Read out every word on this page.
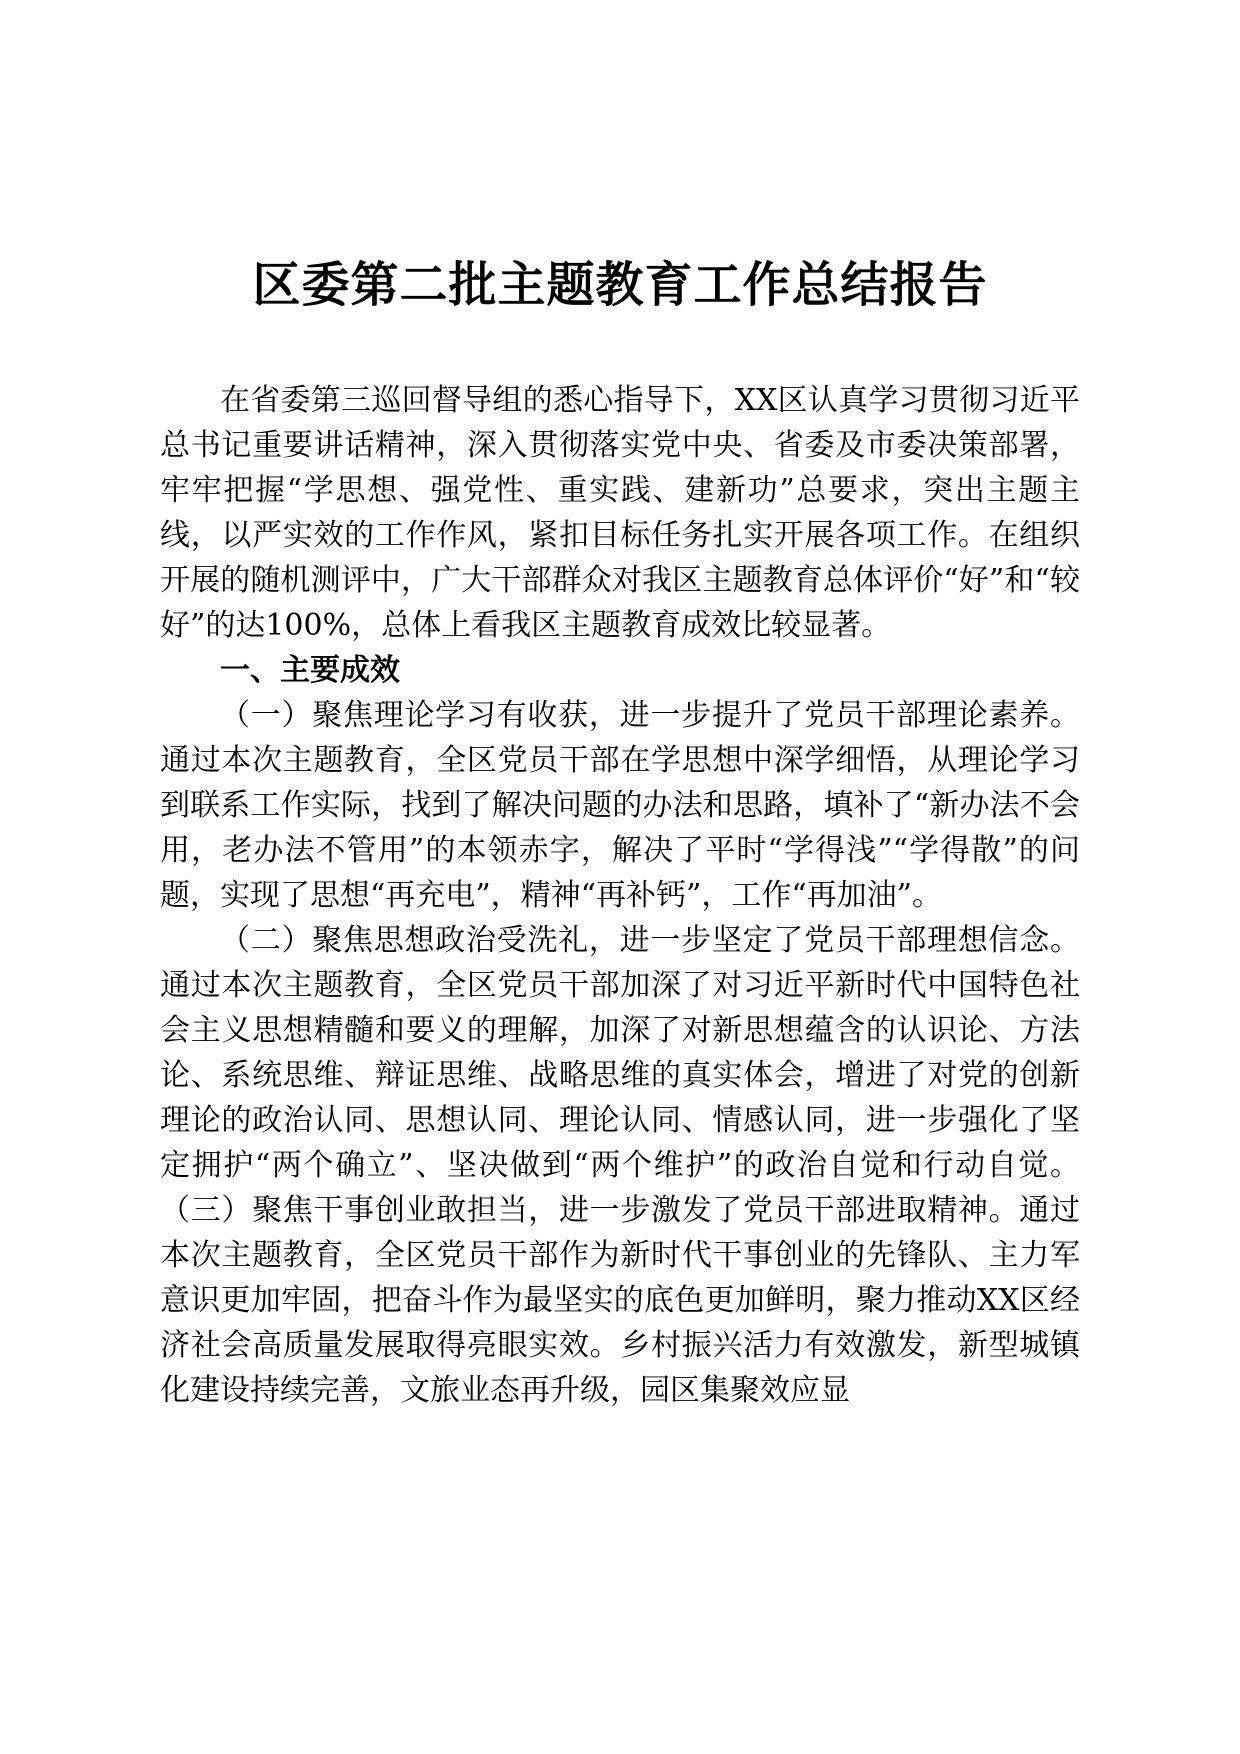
区委第二批主题教育工作总结报告

在省委第三巡回督导组的悉心指导下，XX区认真学习贯彻习近平总书记重要讲话精神，深入贯彻落实党中央、省委及市委决策部署，牢牢把握“学思想、强党性、重实践、建新功”总要求，突出主题主线，以严实效的工作作风，紧扣目标任务扎实开展各项工作。在组织开展的随机测评中，广大干部群众对我区主题教育总体评价“好”和“较好”的达100%，总体上看我区主题教育成效比较显著。

一、主要成效

（一）聚焦理论学习有收获，进一步提升了党员干部理论素养。通过本次主题教育，全区党员干部在学思想中深学细悟，从理论学习到联系工作实际，找到了解决问题的办法和思路，填补了“新办法不会用，老办法不管用”的本领赤字，解决了平时“学得浅”“学得散”的问题，实现了思想“再充电”，精神“再补钙”，工作“再加油”。

（二）聚焦思想政治受洗礼，进一步坚定了党员干部理想信念。通过本次主题教育，全区党员干部加深了对习近平新时代中国特色社会主义思想精髓和要义的理解，加深了对新思想蕴含的认识论、方法论、系统思维、辩证思维、战略思维的真实体会，增进了对党的创新理论的政治认同、思想认同、理论认同、情感认同，进一步强化了坚定拥护“两个确立”、坚决做到“两个维护”的政治自觉和行动自觉。（三）聚焦干事创业敢担当，进一步激发了党员干部进取精神。通过本次主题教育，全区党员干部作为新时代干事创业的先锋队、主力军意识更加牢固，把奋斗作为最坚实的底色更加鲜明，聚力推动XX区经济社会高质量发展取得亮眼实效。乡村振兴活力有效激发，新型城镇化建设持续完善，文旅业态再升级，园区集聚效应显
